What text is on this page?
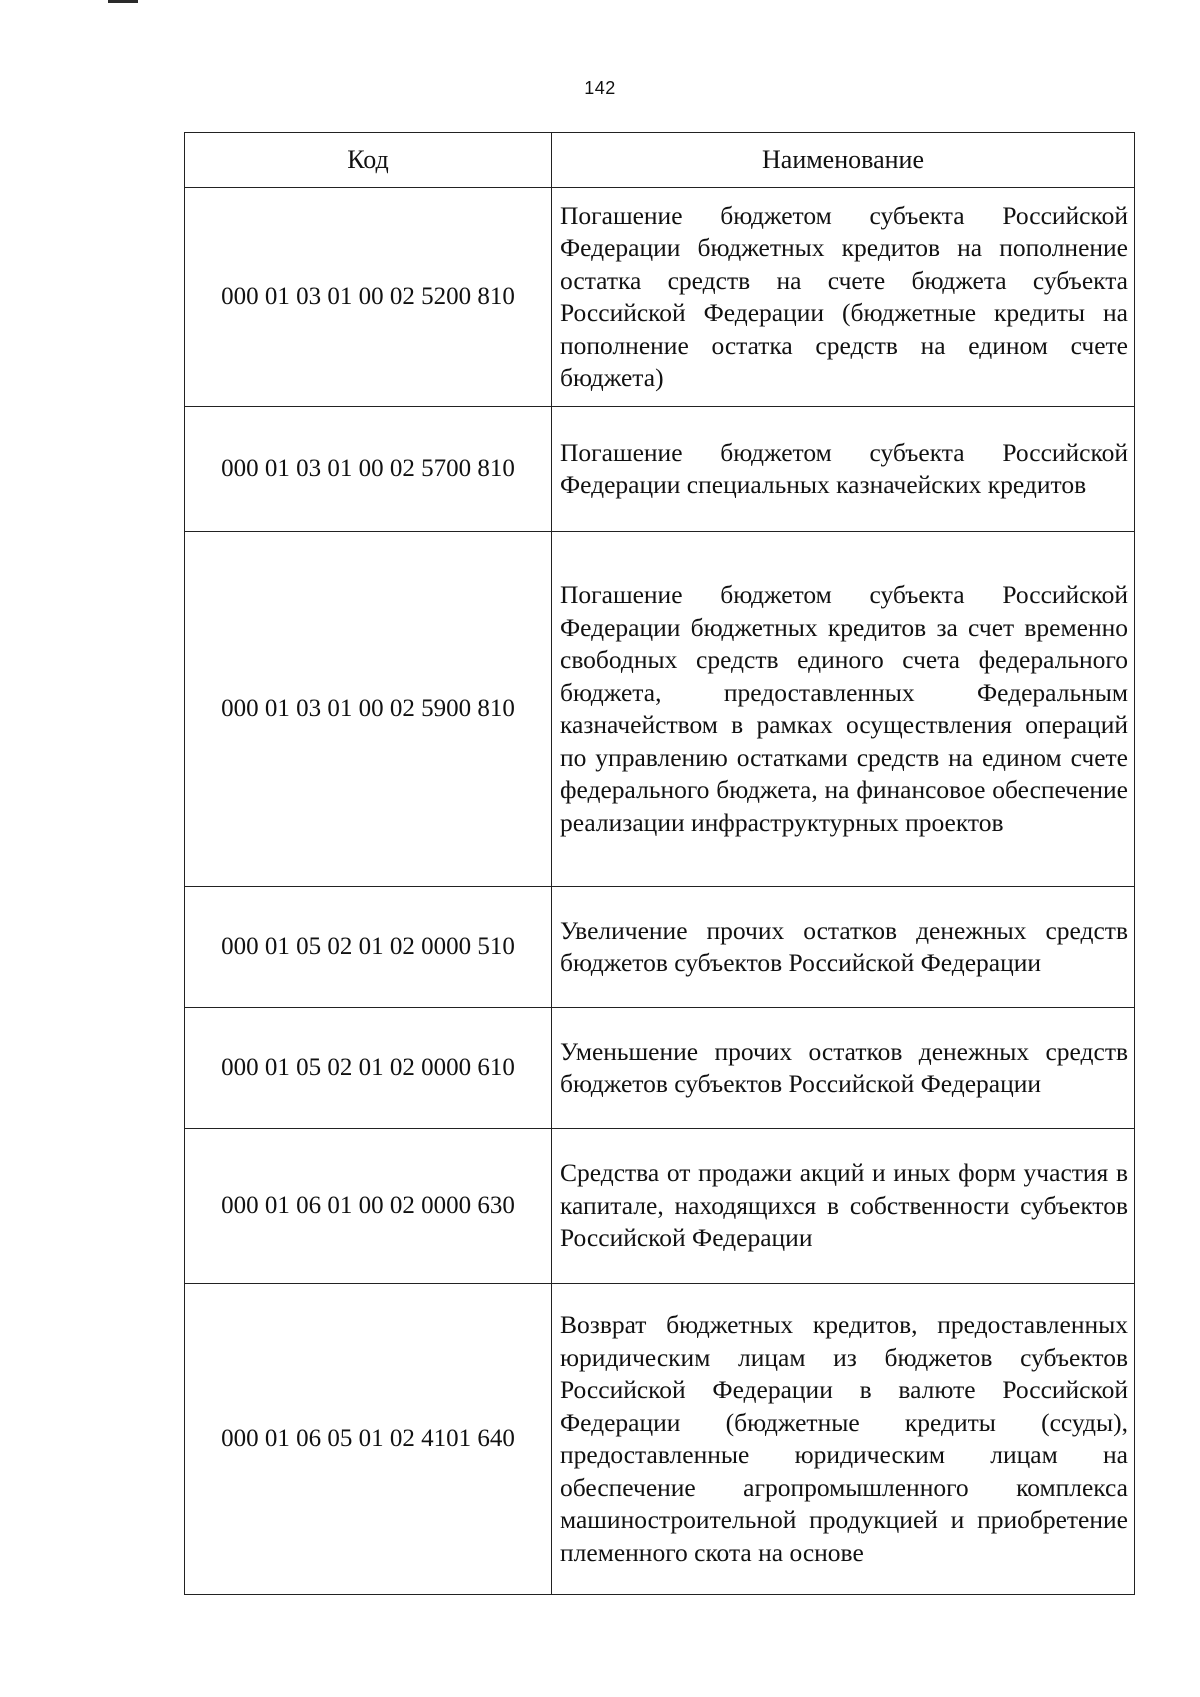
142
Код	Наименование
000 01 03 01 00 02 5200 810	Погашение бюджетом субъекта Российской Федерации бюджетных кредитов на пополнение остатка средств на счете бюджета субъекта Российской Федерации (бюджетные кредиты на пополнение остатка средств на едином счете бюджета)
000 01 03 01 00 02 5700 810	Погашение бюджетом субъекта Российской Федерации специальных казначейских кредитов
000 01 03 01 00 02 5900 810	Погашение бюджетом субъекта Российской Федерации бюджетных кредитов за счет временно свободных средств единого счета федерального бюджета, предоставленных Федеральным казначейством в рамках осуществления операций по управлению остатками средств на едином счете федерального бюджета, на финансовое обеспечение реализации инфраструктурных проектов
000 01 05 02 01 02 0000 510	Увеличение прочих остатков денежных средств бюджетов субъектов Российской Федерации
000 01 05 02 01 02 0000 610	Уменьшение прочих остатков денежных средств бюджетов субъектов Российской Федерации
000 01 06 01 00 02 0000 630	Средства от продажи акций и иных форм участия в капитале, находящихся в собственности субъектов Российской Федерации
000 01 06 05 01 02 4101 640	Возврат бюджетных кредитов, предоставленных юридическим лицам из бюджетов субъектов Российской Федерации в валюте Российской Федерации (бюджетные кредиты (ссуды), предоставленные юридическим лицам на обеспечение агропромышленного комплекса машиностроительной продукцией и приобретение племенного скота на основе
